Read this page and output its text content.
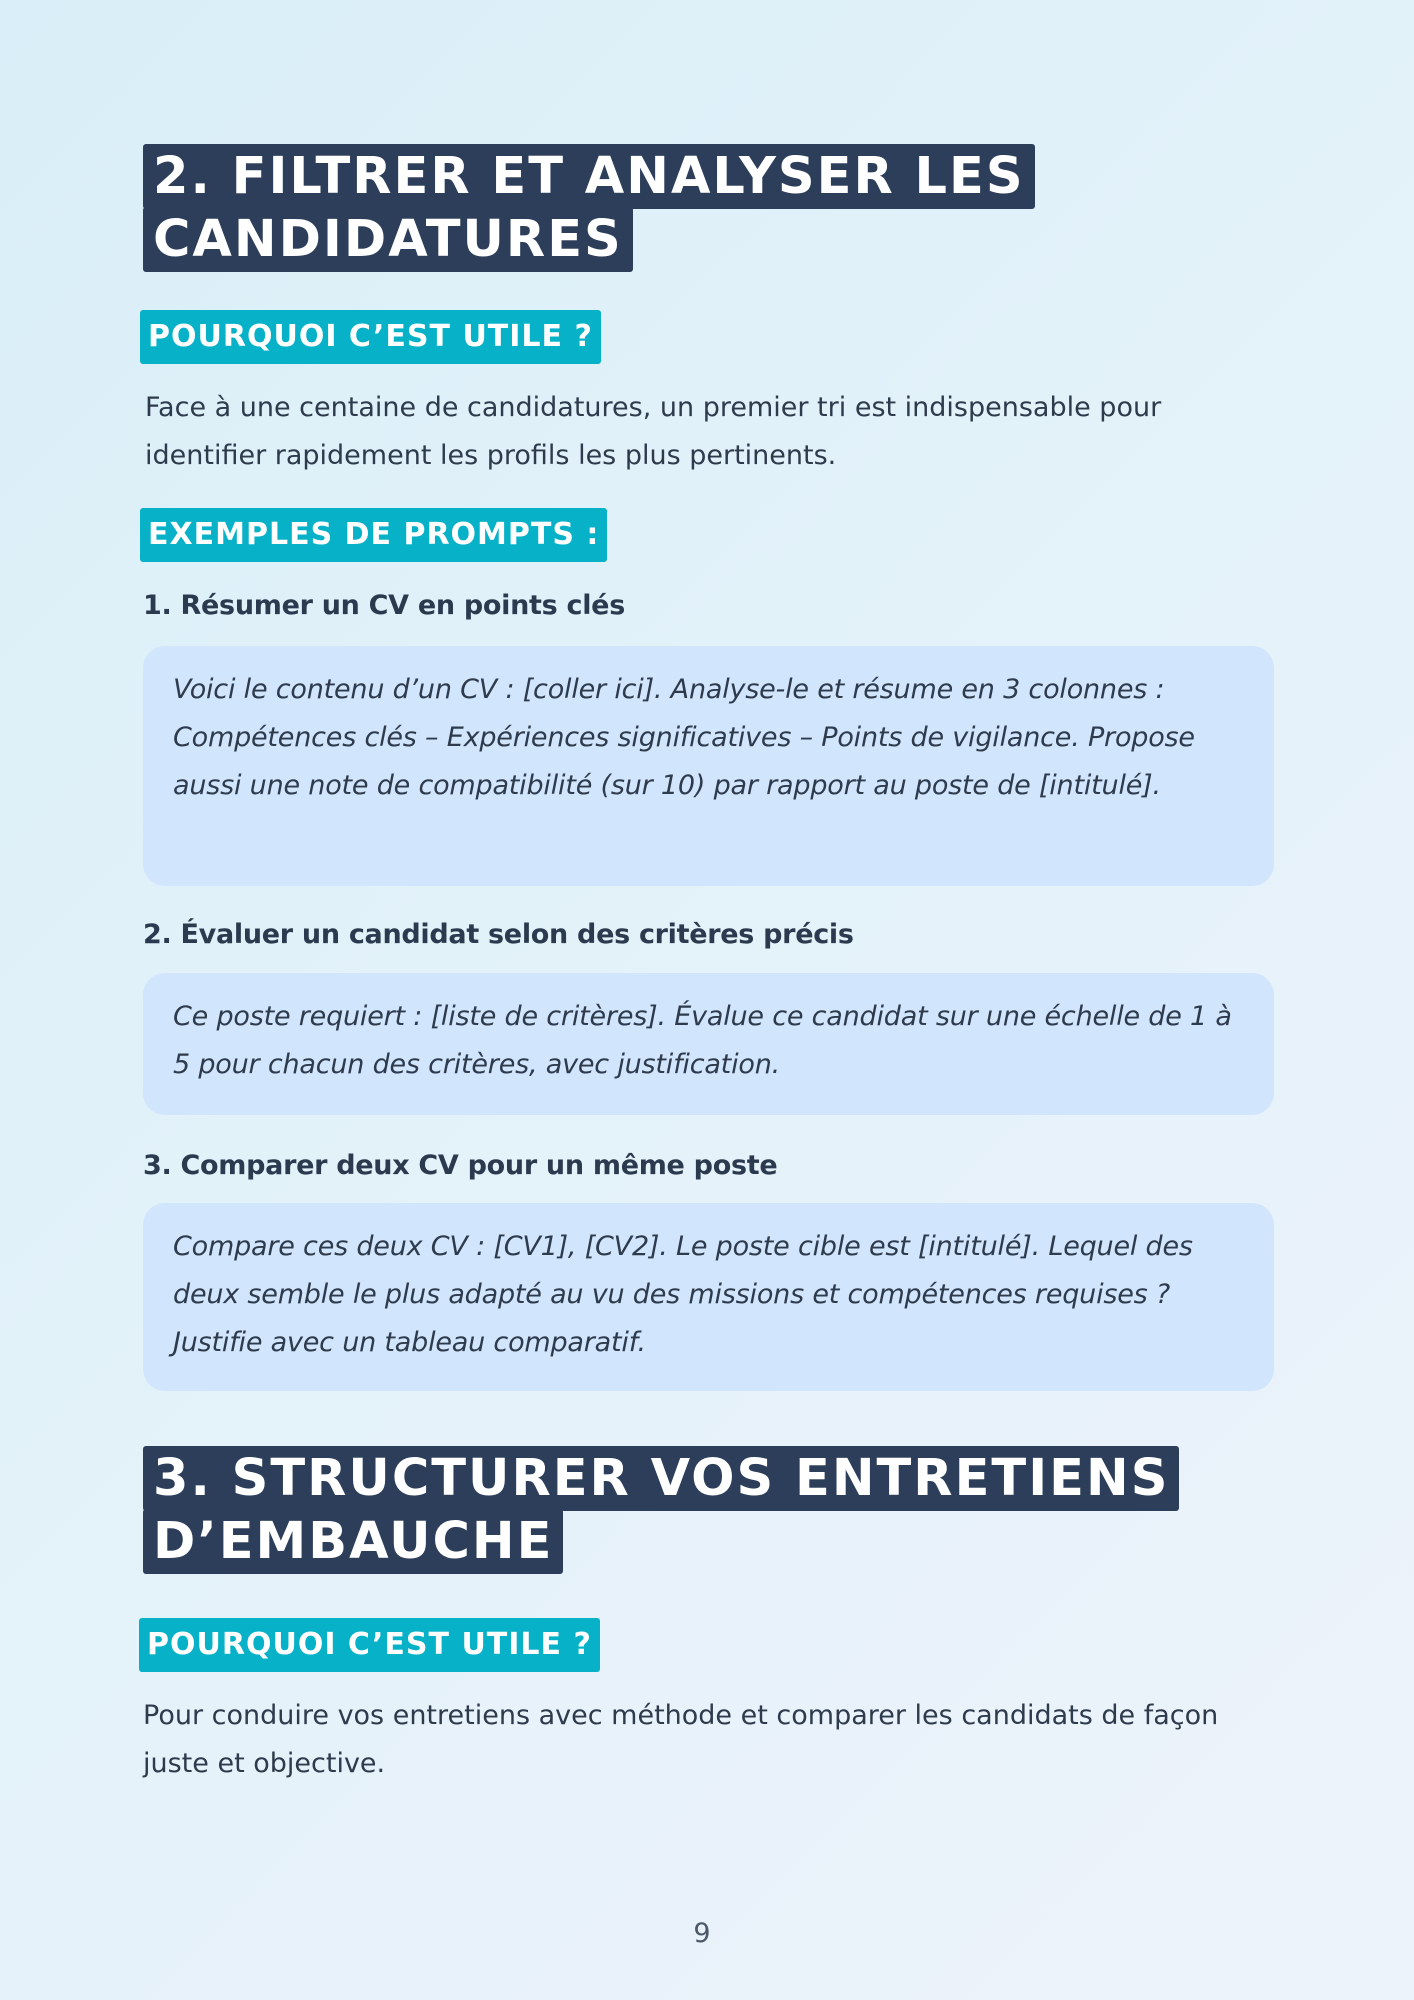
2. FILTRER ET ANALYSER LES
CANDIDATURES
POURQUOI C’EST UTILE ?

Face à une centaine de candidatures, un premier tri est indispensable pour identifier rapidement les profils les plus pertinents.

EXEMPLES DE PROMPTS :
1. Résumer un CV en points clés

Voici le contenu d’un CV : [coller ici]. Analyse-le et résume en 3 colonnes : Compétences clés – Expériences significatives – Points de vigilance. Propose aussi une note de compatibilité (sur 10) par rapport au poste de [intitulé].

2. Évaluer un candidat selon des critères précis

Ce poste requiert : [liste de critères]. Évalue ce candidat sur une échelle de 1 à 5 pour chacun des critères, avec justification.

3. Comparer deux CV pour un même poste

Compare ces deux CV : [CV1], [CV2]. Le poste cible est [intitulé]. Lequel des deux semble le plus adapté au vu des missions et compétences requises ? Justifie avec un tableau comparatif.

3. STRUCTURER VOS ENTRETIENS
D’EMBAUCHE
POURQUOI C’EST UTILE ?

Pour conduire vos entretiens avec méthode et comparer les candidats de façon juste et objective.

9
